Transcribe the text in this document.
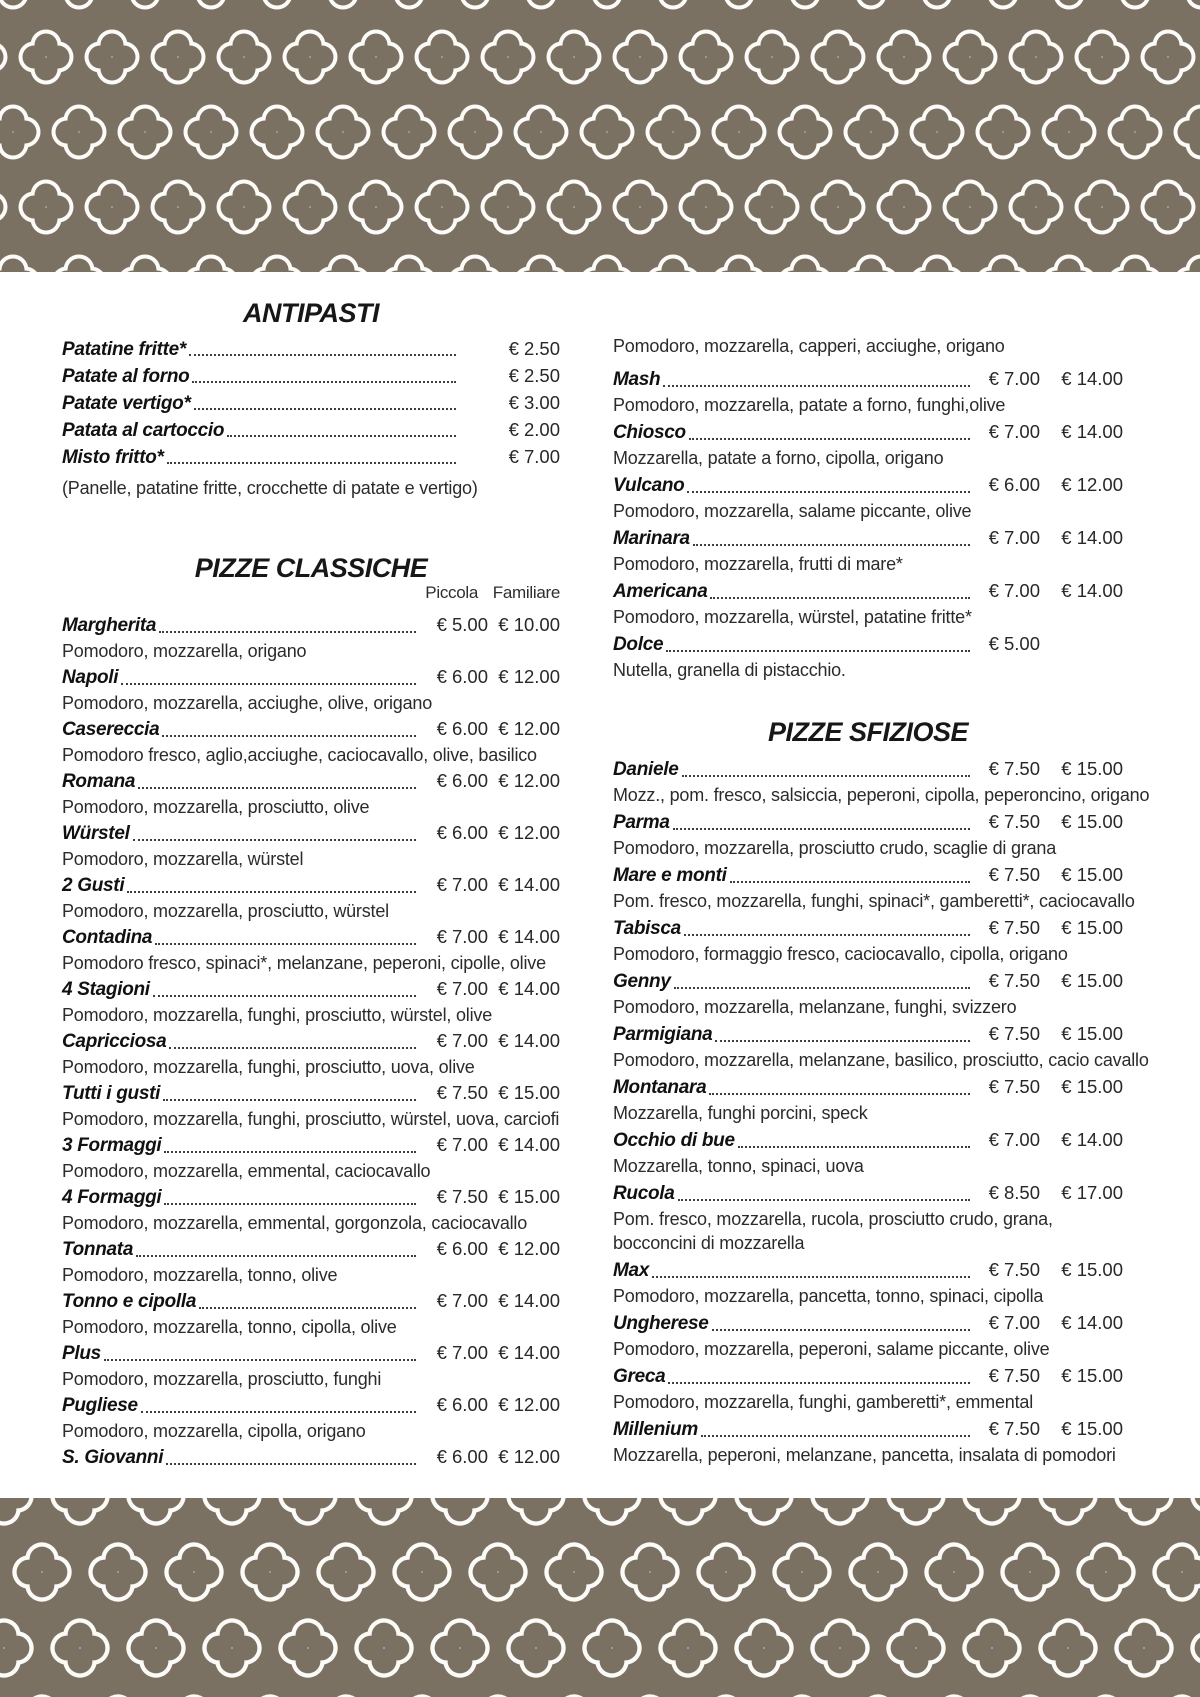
ANTIPASTI
Patatine fritte*	€ 2.50
Patate al forno	€ 2.50
Patate vertigo*	€ 3.00
Patata al cartoccio	€ 2.00
Misto fritto*	€ 7.00
(Panelle, patatine fritte, crocchette di patate e vertigo)
PIZZE CLASSICHE
Piccola Familiare
Margherita	€ 5.00 € 10.00
Pomodoro, mozzarella, origano
Napoli	€ 6.00 € 12.00
Pomodoro, mozzarella, acciughe, olive, origano
Casereccia	€ 6.00 € 12.00
Pomodoro fresco, aglio,acciughe, caciocavallo, olive, basilico
Romana	€ 6.00 € 12.00
Pomodoro, mozzarella, prosciutto, olive
Würstel	€ 6.00 € 12.00
Pomodoro, mozzarella, würstel
2 Gusti	€ 7.00 € 14.00
Pomodoro, mozzarella, prosciutto, würstel
Contadina	€ 7.00 € 14.00
Pomodoro fresco, spinaci*, melanzane, peperoni, cipolle, olive
4 Stagioni	€ 7.00 € 14.00
Pomodoro, mozzarella, funghi, prosciutto, würstel, olive
Capricciosa	€ 7.00 € 14.00
Pomodoro, mozzarella, funghi, prosciutto, uova, olive
Tutti i gusti	€ 7.50 € 15.00
Pomodoro, mozzarella, funghi, prosciutto, würstel, uova, carciofi
3 Formaggi	€ 7.00 € 14.00
Pomodoro, mozzarella, emmental, caciocavallo
4 Formaggi	€ 7.50 € 15.00
Pomodoro, mozzarella, emmental, gorgonzola, caciocavallo
Tonnata	€ 6.00 € 12.00
Pomodoro, mozzarella, tonno, olive
Tonno e cipolla	€ 7.00 € 14.00
Pomodoro, mozzarella, tonno, cipolla, olive
Plus	€ 7.00 € 14.00
Pomodoro, mozzarella, prosciutto, funghi
Pugliese	€ 6.00 € 12.00
Pomodoro, mozzarella, cipolla, origano
S. Giovanni	€ 6.00 € 12.00
Pomodoro, mozzarella, capperi, acciughe, origano
Mash	€ 7.00	€ 14.00
Pomodoro, mozzarella, patate a forno, funghi,olive
Chiosco	€ 7.00	€ 14.00
Mozzarella, patate a forno, cipolla, origano
Vulcano	€ 6.00	€ 12.00
Pomodoro, mozzarella, salame piccante, olive
Marinara	€ 7.00	€ 14.00
Pomodoro, mozzarella, frutti di mare*
Americana	€ 7.00	€ 14.00
Pomodoro, mozzarella, würstel, patatine fritte*
Dolce	€ 5.00
Nutella, granella di pistacchio.
PIZZE SFIZIOSE
Daniele	€ 7.50	€ 15.00
Mozz., pom. fresco, salsiccia, peperoni, cipolla, peperoncino, origano
Parma	€ 7.50	€ 15.00
Pomodoro, mozzarella, prosciutto crudo, scaglie di grana
Mare e monti	€ 7.50	€ 15.00
Pom. fresco, mozzarella, funghi, spinaci*, gamberetti*, caciocavallo
Tabisca	€ 7.50	€ 15.00
Pomodoro, formaggio fresco, caciocavallo, cipolla, origano
Genny	€ 7.50	€ 15.00
Pomodoro, mozzarella, melanzane, funghi, svizzero
Parmigiana	€ 7.50	€ 15.00
Pomodoro, mozzarella, melanzane, basilico, prosciutto, cacio cavallo
Montanara	€ 7.50	€ 15.00
Mozzarella, funghi porcini, speck
Occhio di bue	€ 7.00	€ 14.00
Mozzarella, tonno, spinaci, uova
Rucola	€ 8.50	€ 17.00
Pom. fresco, mozzarella, rucola, prosciutto crudo, grana, bocconcini di mozzarella
Max	€ 7.50	€ 15.00
Pomodoro, mozzarella, pancetta, tonno, spinaci, cipolla
Ungherese	€ 7.00	€ 14.00
Pomodoro, mozzarella, peperoni, salame piccante, olive
Greca	€ 7.50	€ 15.00
Pomodoro, mozzarella, funghi, gamberetti*, emmental
Millenium	€ 7.50	€ 15.00
Mozzarella, peperoni, melanzane, pancetta, insalata di pomodori
